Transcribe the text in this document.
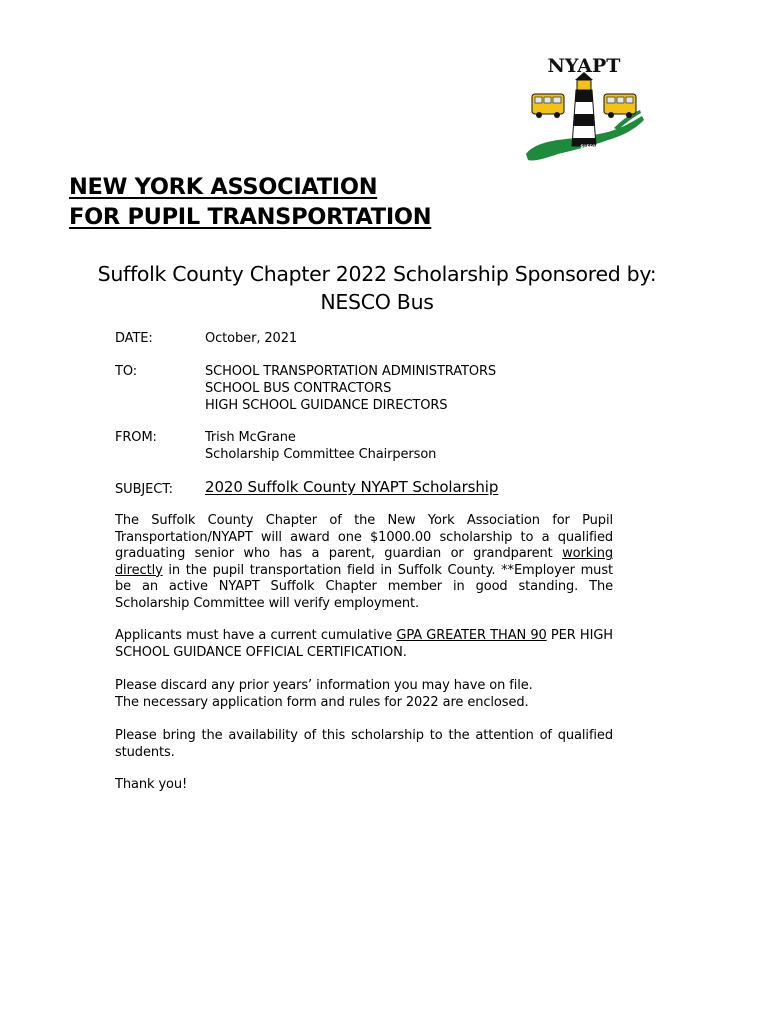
NYAPT
SUFFOLK CHAPTER
NEW YORK ASSOCIATION
FOR PUPIL TRANSPORTATION
Suffolk County Chapter 2022 Scholarship Sponsored by:
NESCO Bus
DATE:	October, 2021
TO:	SCHOOL TRANSPORTATION ADMINISTRATORS
SCHOOL BUS CONTRACTORS
HIGH SCHOOL GUIDANCE DIRECTORS
FROM:	Trish McGrane
Scholarship Committee Chairperson
SUBJECT: 2020 Suffolk County NYAPT Scholarship

The Suffolk County Chapter of the New York Association for Pupil Transportation/NYAPT will award one $1000.00 scholarship to a qualified graduating senior who has a parent, guardian or grandparent working directly in the pupil transportation field in Suffolk County. **Employer must be an active NYAPT Suffolk Chapter member in good standing. The Scholarship Committee will verify employment.

Applicants must have a current cumulative GPA GREATER THAN 90 PER HIGH SCHOOL GUIDANCE OFFICIAL CERTIFICATION.

Please discard any prior years’ information you may have on file.
The necessary application form and rules for 2022 are enclosed.

Please bring the availability of this scholarship to the attention of qualified students.

Thank you!
